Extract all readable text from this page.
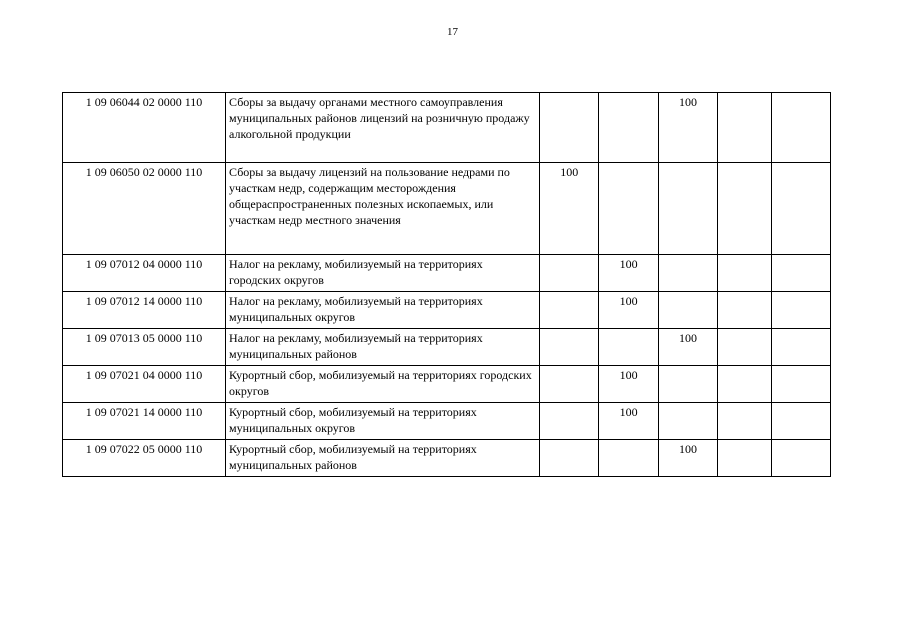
17
1 09 06044 02 0000 110	Сборы за выдачу органами местного самоуправления муниципальных районов лицензий на розничную продажу алкогольной продукции			100		
1 09 06050 02 0000 110	Сборы за выдачу лицензий на пользование недрами по участкам недр, содержащим месторождения общераспространенных полезных ископаемых, или участкам недр местного значения	100				
1 09 07012 04 0000 110	Налог на рекламу, мобилизуемый на территориях городских округов		100			
1 09 07012 14 0000 110	Налог на рекламу, мобилизуемый на территориях муниципальных округов		100			
1 09 07013 05 0000 110	Налог на рекламу, мобилизуемый на территориях муниципальных районов			100		
1 09 07021 04 0000 110	Курортный сбор, мобилизуемый на территориях городских округов		100			
1 09 07021 14 0000 110	Курортный сбор, мобилизуемый на территориях муниципальных округов		100			
1 09 07022 05 0000 110	Курортный сбор, мобилизуемый на территориях муниципальных районов			100		
